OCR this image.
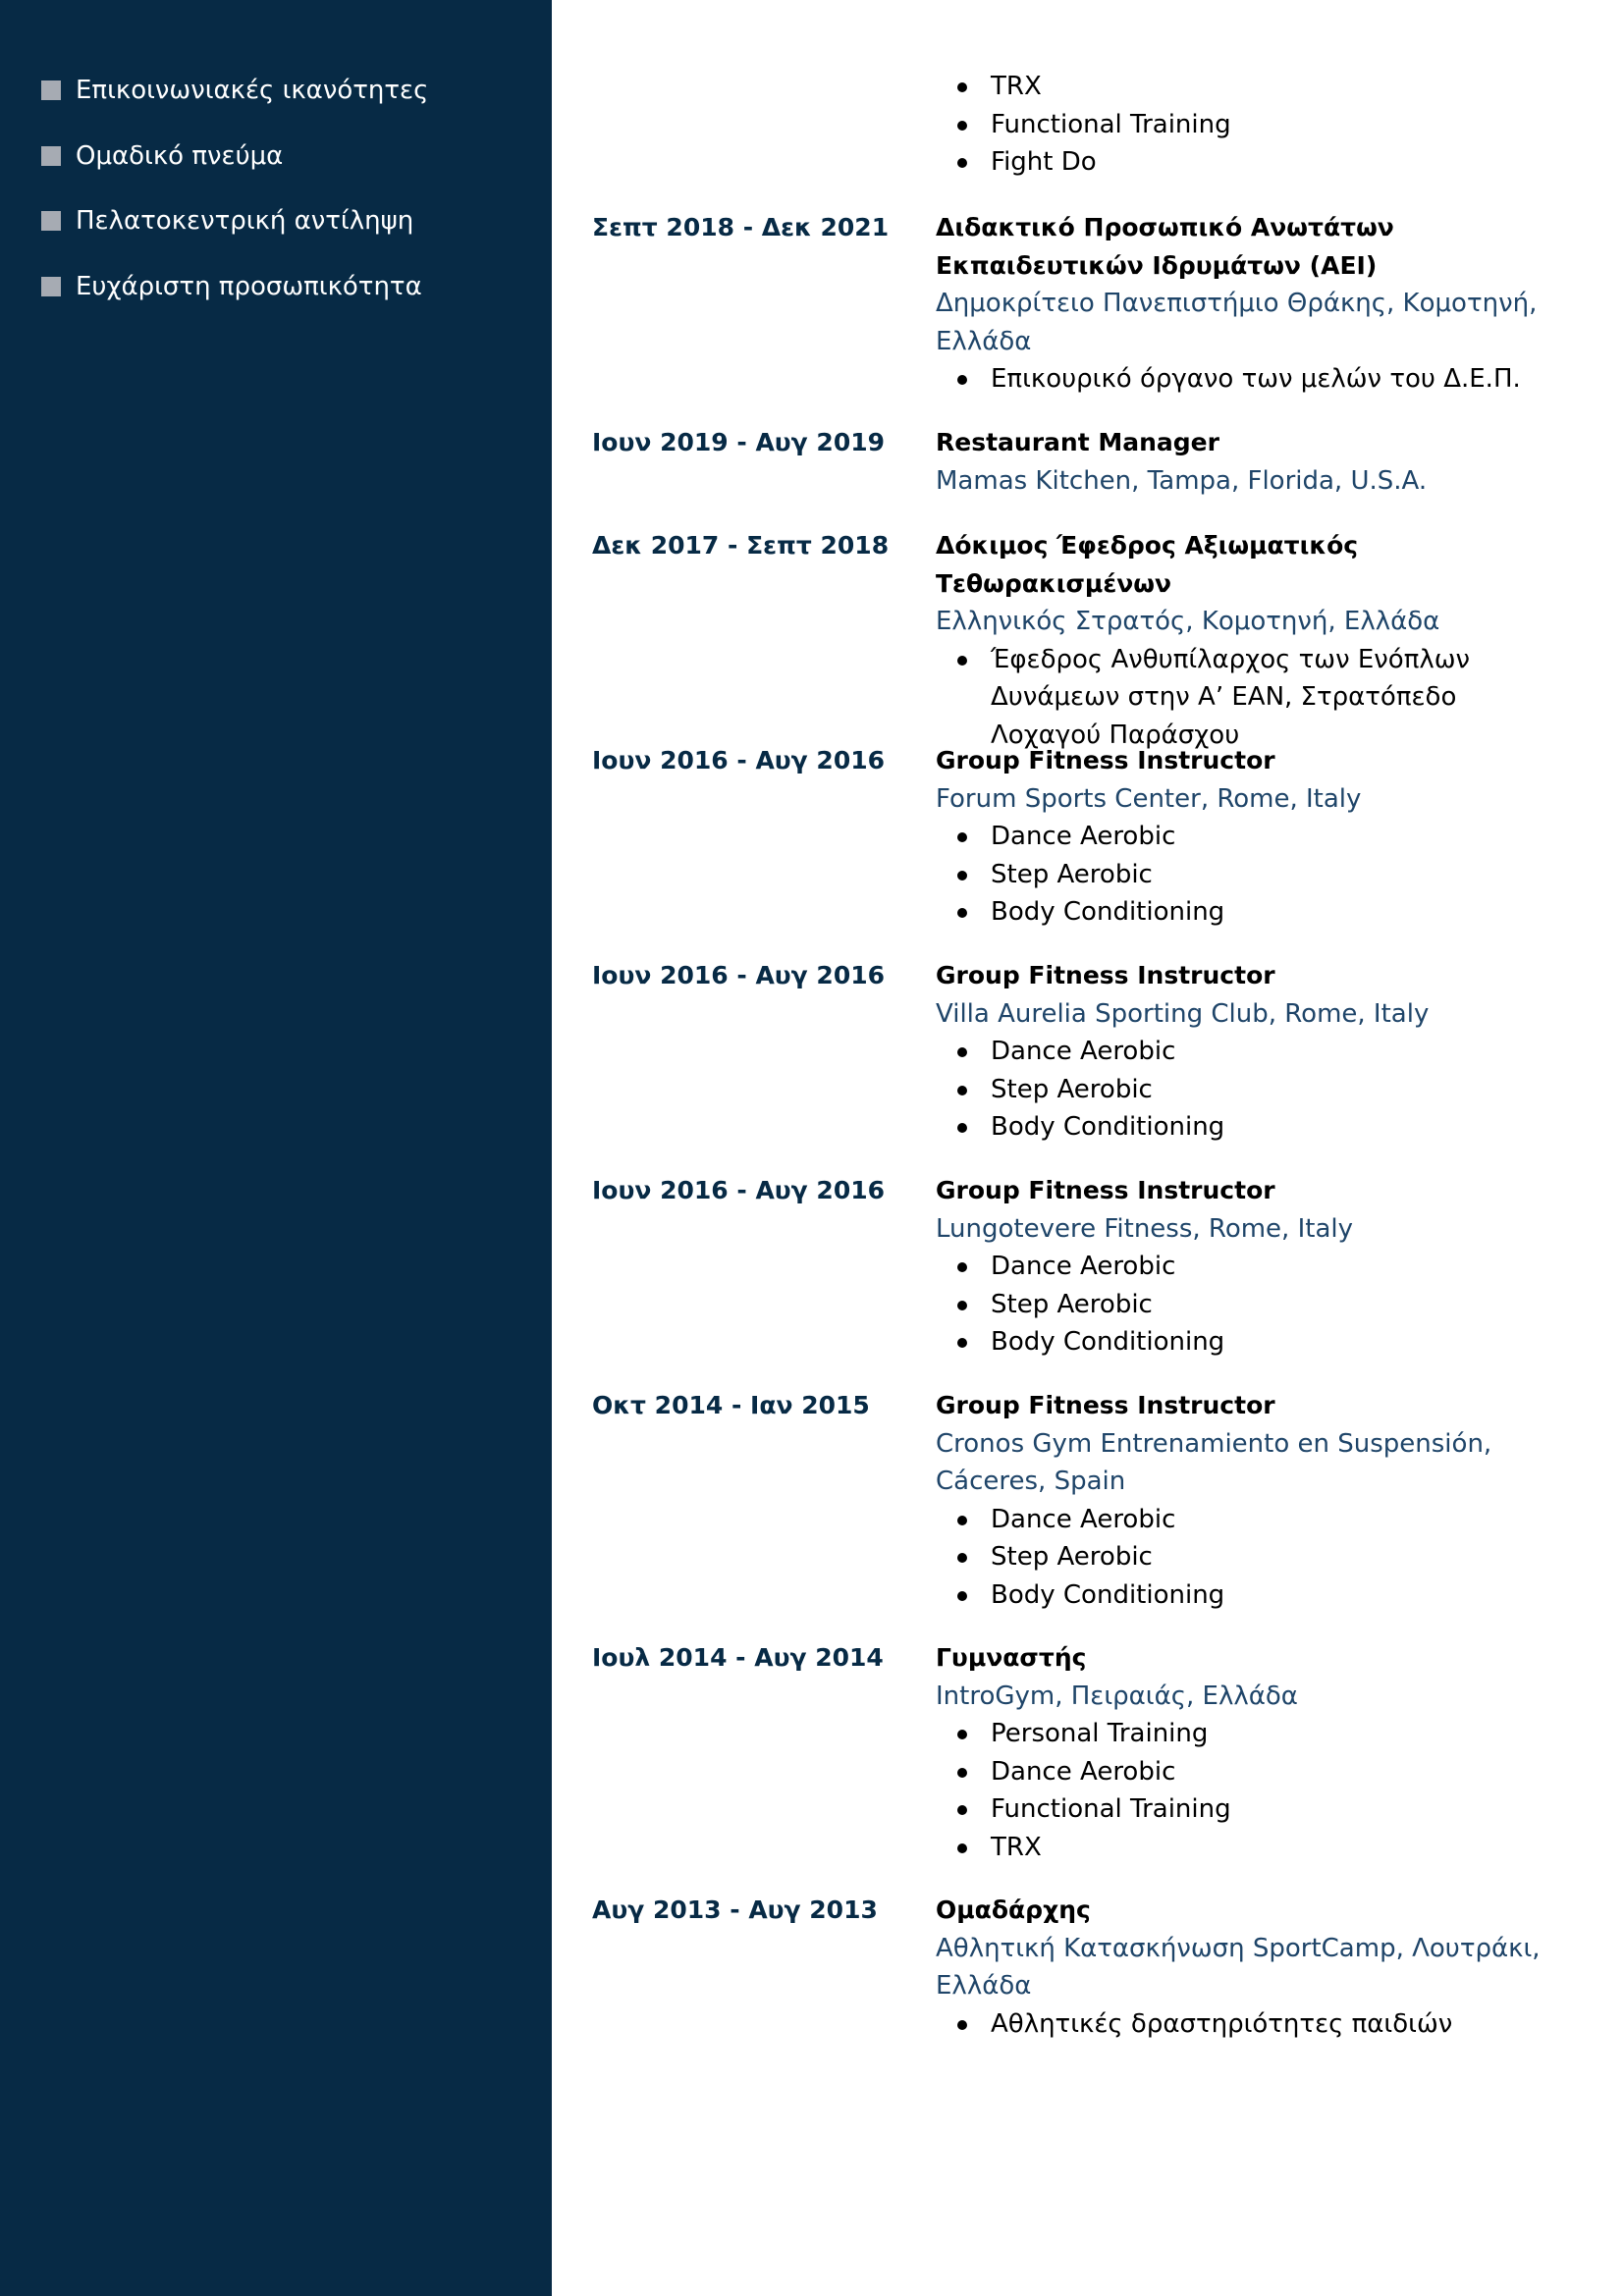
Επικοινωνιακές ικανότητες
Ομαδικό πνεύμα
Πελατοκεντρική αντίληψη
Ευχάριστη προσωπικότητα
TRX
Functional Training
Fight Do
Σεπτ 2018 - Δεκ 2021	Διδακτικό Προσωπικό Ανωτάτων Εκπαιδευτικών Ιδρυμάτων (ΑΕΙ)
Δημοκρίτειο Πανεπιστήμιο Θράκης, Κομοτηνή, Ελλάδα
Επικουρικό όργανο των μελών του Δ.Ε.Π.
Ιουν 2019 - Αυγ 2019	Restaurant Manager
Mamas Kitchen, Tampa, Florida, U.S.A.
Δεκ 2017 - Σεπτ 2018	Δόκιμος Έφεδρος Αξιωματικός Τεθωρακισμένων
Ελληνικός Στρατός, Κομοτηνή, Ελλάδα
Έφεδρος Ανθυπίλαρχος των Ενόπλων Δυνάμεων στην Α’ ΕΑΝ, Στρατόπεδο Λοχαγού Παράσχου
Ιουν 2016 - Αυγ 2016	Group Fitness Instructor
Forum Sports Center, Rome, Italy
Dance Aerobic
Step Aerobic
Body Conditioning
Ιουν 2016 - Αυγ 2016	Group Fitness Instructor
Villa Aurelia Sporting Club, Rome, Italy
Dance Aerobic
Step Aerobic
Body Conditioning
Ιουν 2016 - Αυγ 2016	Group Fitness Instructor
Lungotevere Fitness, Rome, Italy
Dance Aerobic
Step Aerobic
Body Conditioning
Οκτ 2014 - Ιαν 2015	Group Fitness Instructor
Cronos Gym Entrenamiento en Suspensión, Cáceres, Spain
Dance Aerobic
Step Aerobic
Body Conditioning
Ιουλ 2014 - Αυγ 2014	Γυμναστής
IntroGym, Πειραιάς, Ελλάδα
Personal Training
Dance Aerobic
Functional Training
TRX
Αυγ 2013 - Αυγ 2013	Ομαδάρχης
Αθλητική Κατασκήνωση SportCamp, Λουτράκι, Ελλάδα
Αθλητικές δραστηριότητες παιδιών
